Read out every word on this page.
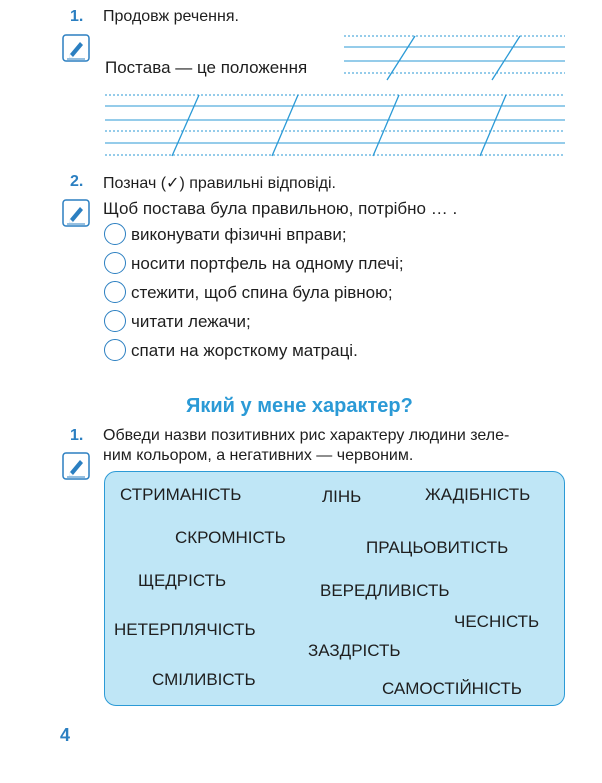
1. Продовж речення.
Постава — це положення
2. Познач (✓) правильні відповіді.
Щоб постава була правильною, потрібно … .
виконувати фізичні вправи;
носити портфель на одному плечі;
стежити, щоб спина була рівною;
читати лежачи;
спати на жорсткому матраці.
Який у мене характер?
1. Обведи назви позитивних рис характеру людини зеле-
ним кольором, а негативних — червоним.
СТРИМАНІСТЬ	ЛІНЬ	ЖАДІБНІСТЬ
СКРОМНІСТЬ
ПРАЦЬОВИТІСТЬ
ЩЕДРІСТЬ
ВЕРЕДЛИВІСТЬ
ЧЕСНІСТЬ
НЕТЕРПЛЯЧІСТЬ
ЗАЗДРІСТЬ
СМІЛИВІСТЬ	САМОСТІЙНІСТЬ
4
